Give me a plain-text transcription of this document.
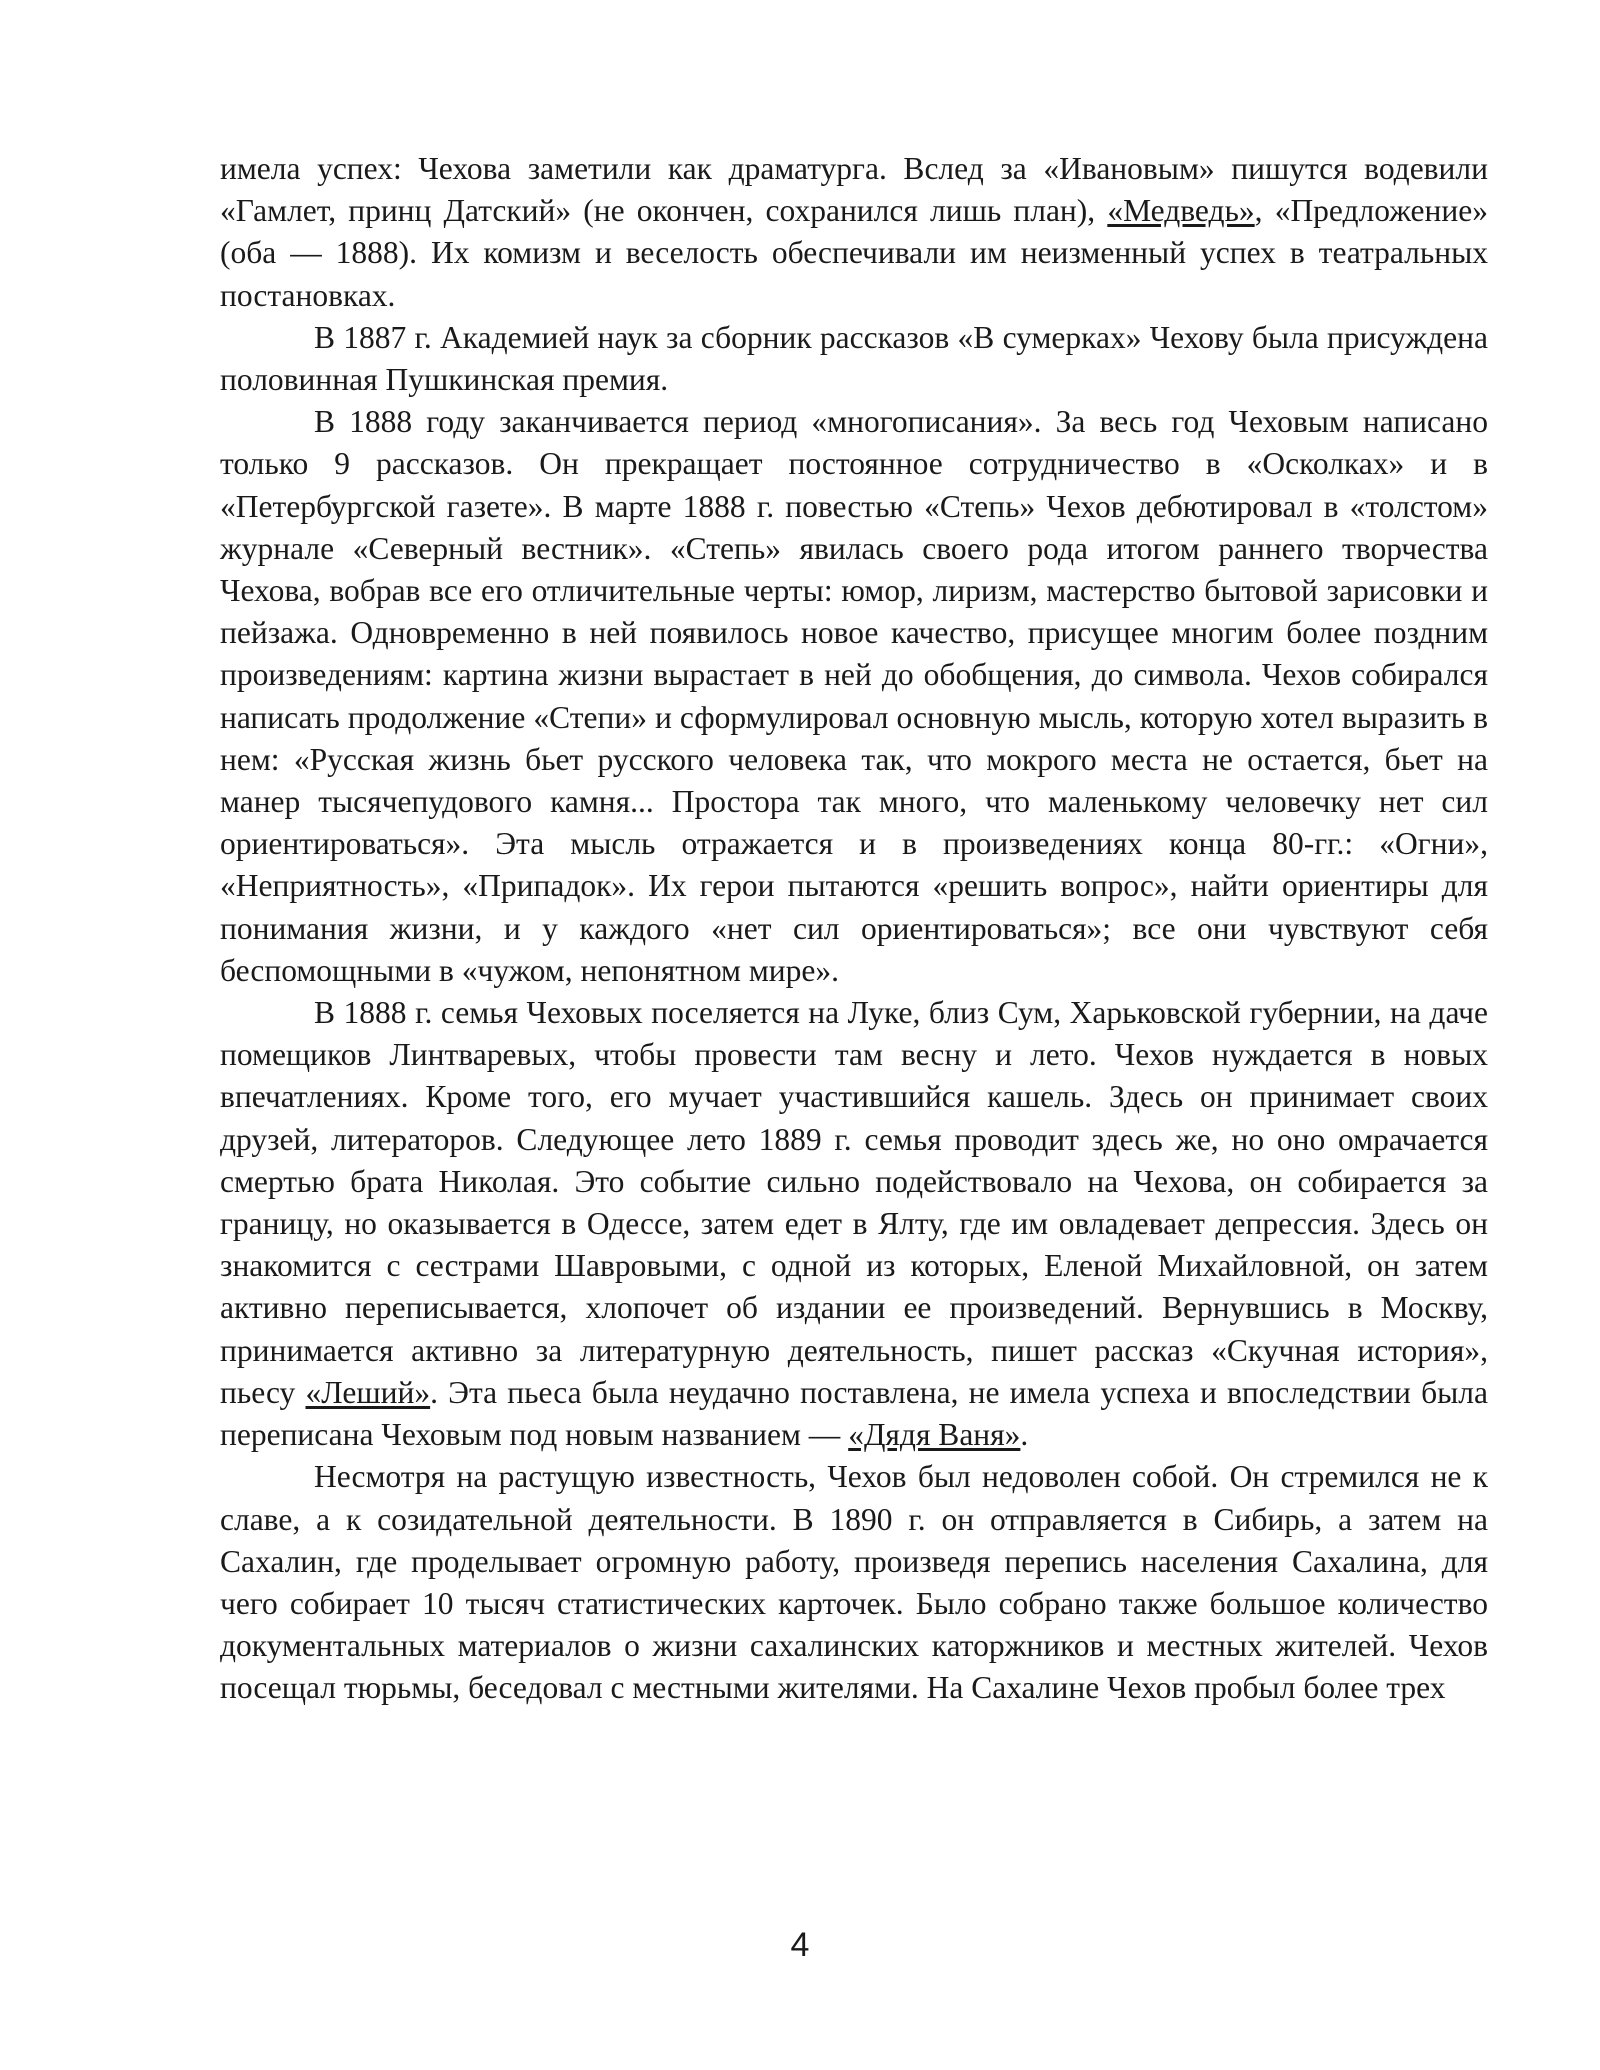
имела успех: Чехова заметили как драматурга. Вслед за «Ивановым» пишутся водевили «Гамлет, принц Датский» (не окончен, сохранился лишь план), «Медведь», «Предложение» (оба — 1888). Их комизм и веселость обеспечивали им неизменный успех в театральных постановках.

В 1887 г. Академией наук за сборник рассказов «В сумерках» Чехову была присуждена половинная Пушкинская премия.

В 1888 году заканчивается период «многописания». За весь год Чеховым написано только 9 рассказов. Он прекращает постоянное сотрудничество в «Осколках» и в «Петербургской газете». В марте 1888 г. повестью «Степь» Чехов дебютировал в «толстом» журнале «Северный вестник». «Степь» явилась своего рода итогом раннего творчества Чехова, вобрав все его отличительные черты: юмор, лиризм, мастерство бытовой зарисовки и пейзажа. Одновременно в ней появилось новое качество, присущее многим более поздним произведениям: картина жизни вырастает в ней до обобщения, до символа. Чехов собирался написать продолжение «Степи» и сформулировал основную мысль, которую хотел выразить в нем: «Русская жизнь бьет русского человека так, что мокрого места не остается, бьет на манер тысячепудового камня... Простора так много, что маленькому человечку нет сил ориентироваться». Эта мысль отражается и в произведениях конца 80-гг.: «Огни», «Неприятность», «Припадок». Их герои пытаются «решить вопрос», найти ориентиры для понимания жизни, и у каждого «нет сил ориентироваться»; все они чувствуют себя беспомощными в «чужом, непонятном мире».

В 1888 г. семья Чеховых поселяется на Луке, близ Сум, Харьковской губернии, на даче помещиков Линтваревых, чтобы провести там весну и лето. Чехов нуждается в новых впечатлениях. Кроме того, его мучает участившийся кашель. Здесь он принимает своих друзей, литераторов. Следующее лето 1889 г. семья проводит здесь же, но оно омрачается смертью брата Николая. Это событие сильно подействовало на Чехова, он собирается за границу, но оказывается в Одессе, затем едет в Ялту, где им овладевает депрессия. Здесь он знакомится с сестрами Шавровыми, с одной из которых, Еленой Михайловной, он затем активно переписывается, хлопочет об издании ее произведений. Вернувшись в Москву, принимается активно за литературную деятельность, пишет рассказ «Скучная история», пьесу «Леший». Эта пьеса была неудачно поставлена, не имела успеха и впоследствии была переписана Чеховым под новым названием — «Дядя Ваня».

Несмотря на растущую известность, Чехов был недоволен собой. Он стремился не к славе, а к созидательной деятельности. В 1890 г. он отправляется в Сибирь, а затем на Сахалин, где проделывает огромную работу, произведя перепись населения Сахалина, для чего собирает 10 тысяч статистических карточек. Было собрано также большое количество документальных материалов о жизни сахалинских каторжников и местных жителей. Чехов посещал тюрьмы, беседовал с местными жителями. На Сахалине Чехов пробыл более трех

4
